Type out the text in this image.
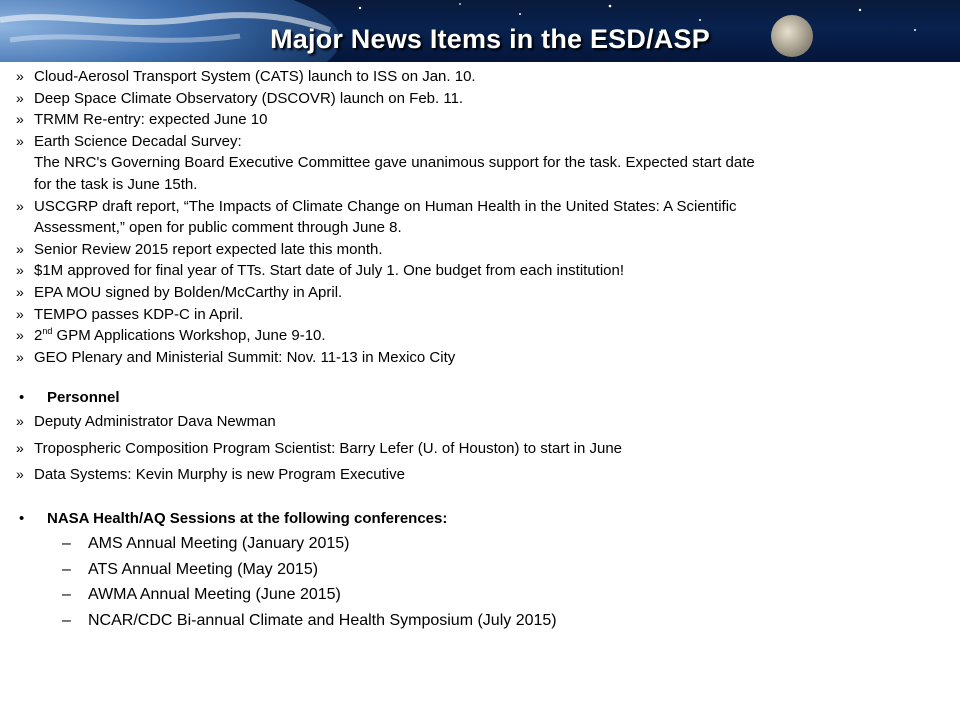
Major News Items in the ESD/ASP
» Cloud-Aerosol Transport System (CATS) launch to ISS on Jan. 10.
» Deep Space Climate Observatory (DSCOVR) launch on Feb. 11.
» TRMM Re-entry: expected June 10
» Earth Science Decadal Survey:
The NRC's Governing Board Executive Committee gave unanimous support for the task. Expected start date
for the task is June 15th.
» USCGRP draft report, “The Impacts of Climate Change on Human Health in the United States: A Scientific
Assessment,” open for public comment through June 8.
» Senior Review 2015 report expected late this month.
» $1M approved for final year of TTs. Start date of July 1. One budget from each institution!
» EPA MOU signed by Bolden/McCarthy in April.
» TEMPO passes KDP-C in April.
» 2nd GPM Applications Workshop, June 9-10.
» GEO Plenary and Ministerial Summit: Nov. 11-13 in Mexico City
• Personnel
» Deputy Administrator Dava Newman
» Tropospheric Composition Program Scientist: Barry Lefer (U. of Houston) to start in June
» Data Systems: Kevin Murphy is new Program Executive
• NASA Health/AQ Sessions at the following conferences:
– AMS Annual Meeting (January 2015)
– ATS Annual Meeting (May 2015)
– AWMA Annual Meeting (June 2015)
– NCAR/CDC Bi-annual Climate and Health Symposium (July 2015)
